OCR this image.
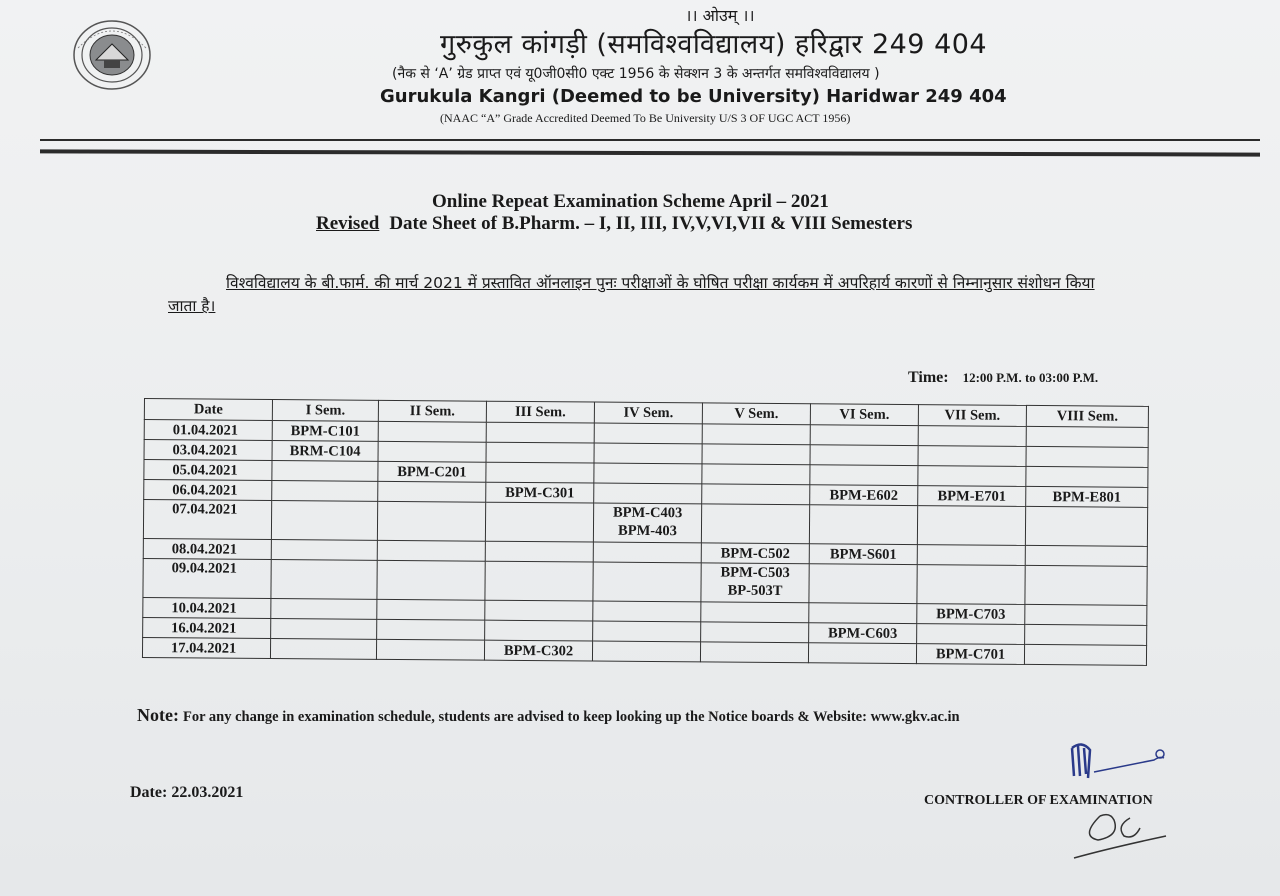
।। ओउम् ।।
गुरुकुल कांगड़ी (समविश्वविद्यालय) हरिद्वार 249 404
(नैक से ‘A’ ग्रेड प्राप्त एवं यू0जी0सी0 एक्ट 1956 के सेक्शन 3 के अन्तर्गत समविश्वविद्यालय )
Gurukula Kangri (Deemed to be University) Haridwar 249 404
(NAAC “A” Grade Accredited Deemed To Be University U/S 3 OF UGC ACT 1956)
Online Repeat Examination Scheme April – 2021
Revised Date Sheet of B.Pharm. – I, II, III, IV,V,VI,VII & VIII Semesters
विश्वविद्यालय के बी.फार्म. की मार्च 2021 में प्रस्तावित ऑनलाइन पुनः परीक्षाओं के घोषित परीक्षा कार्यकम में अपरिहार्य कारणों से निम्नानुसार संशोधन किया जाता है।
Time: 12:00 P.M. to 03:00 P.M.
Date	I Sem.	II Sem.	III Sem.	IV Sem.	V Sem.	VI Sem.	VII Sem.	VIII Sem.
01.04.2021	BPM-C101							

03.04.2021	BRM-C104							

05.04.2021		BPM-C201						

06.04.2021			BPM-C301			BPM-E602	BPM-E701	BPM-E801

07.04.2021				BPM-C403
BPM-403				

08.04.2021					BPM-C502	BPM-S601		

09.04.2021					BPM-C503
BP-503T			

10.04.2021							BPM-C703	

16.04.2021						BPM-C603		

17.04.2021			BPM-C302				BPM-C701	

Note: For any change in examination schedule, students are advised to keep looking up the Notice boards & Website: www.gkv.ac.in
Date: 22.03.2021	CONTROLLER OF EXAMINATION
